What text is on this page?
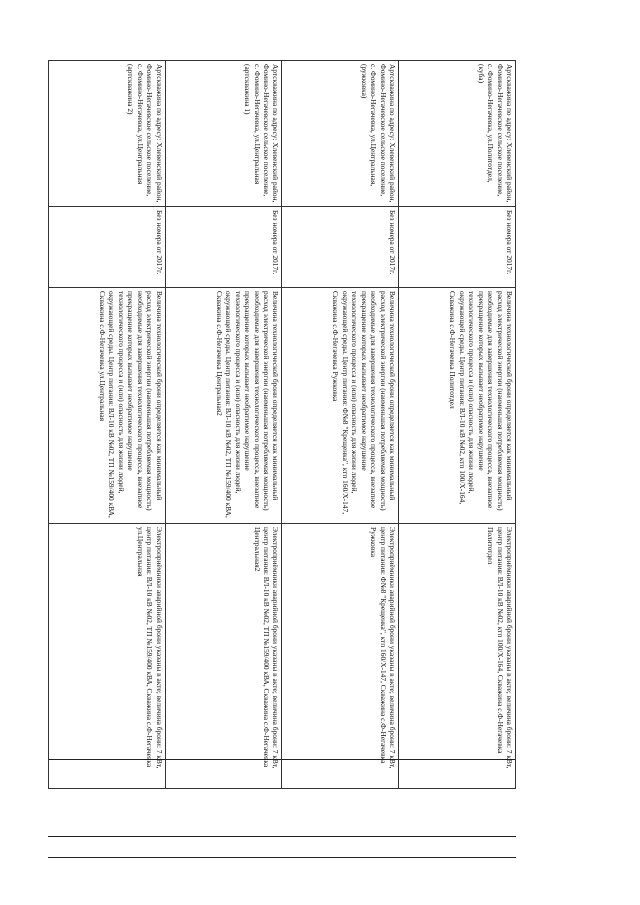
Артскважина по адресу: Хлевенский район, Фомино-Негачевское сельское поселение, с. Фомино-Негачевка, ул.Политотдел, (куба)	Без номера от 2017г.	Величина технологической брони определяется как минимальный расход электрической энергии (наименьшая потребляемая мощность) необходимые для завершения технологического процесса, внезапное прекращение которых вызывает необратимое нарушение технологического процесса и (или) опасность для жизни людей, окружающей среды. Центр питания: ВЛ-10 кВ №02, ктп 100/Х-164, Скважина с.Ф-Негачевка Политотдел	Электроприёмники аварийной брони указаны в акте; величина брони: 7 кВт, центр питания: ВЛ-10 кВ №02, ктп 100/Х-164, Скважина с.Ф-Негачевка Политотдел
Артскважина по адресу: Хлевенский район, Фомино-Негачевское сельское поселение, с. Фомино-Негачевка, ул.Центральная, (ружковка)	Без номера от 2017г.	Величина технологической брони определяется как минимальный расход электрической энергии (наименьшая потребляемая мощность) необходимые для завершения технологического процесса, внезапное прекращение которых вызывает необратимое нарушение технологического процесса и (или) опасность для жизни людей, окружающей среды. Центр питания: Ф№8 "Крещенка", ктп 160/Х-147, Скважина с.Ф-Негачевка Ружковка	Электроприёмники аварийной брони указаны в акте; величина брони: 7 кВт, центр питания: Ф№8 "Крещенка", ктп 160/Х-147, Скважина с.Ф-Негачевка Ружковка
Артскважина по адресу: Хлевенский район, Фомино-Негачевское сельское поселение, с. Фомино-Негачевка, ул.Центральная (артскважина 1)	Без номера от 2017г.	Величина технологической брони определяется как минимальный расход электрической энергии (наименьшая потребляемая мощность) необходимые для завершения технологического процесса, внезапное прекращение которых вызывает необратимое нарушение технологического процесса и (или) опасность для жизни людей, окружающей среды. Центр питания: ВЛ-10 кВ №02, ТП №159/400 кВА, Скважина с.Ф-Негачевка Центральная2	Электроприёмники аварийной брони указаны в акте; величина брони: 7 кВт, центр питания: ВЛ-10 кВ №02, ТП №159/400 кВА, Скважина с.Ф-Негачевка Центральная2
Артскважина по адресу: Хлевенский район, Фомино-Негачевское сельское поселение, с. Фомино-Негачевка, ул.Центральная (артскважина 2)	Без номера от 2017г.	Величина технологической брони определяется как минимальный расход электрической энергии (наименьшая потребляемая мощность) необходимые для завершения технологического процесса, внезапное прекращение которых вызывает необратимое нарушение технологического процесса и (или) опасность для жизни людей, окружающей среды. Центр питания: ВЛ-10 кВ №02, ТП №159/400 кВА, Скважина с.Ф-Негачевка ул.Центральная	Электроприёмники аварийной брони указаны в акте; величина брони: 7 кВт, центр питания: ВЛ-10 кВ №02, ТП №159/400 кВА, Скважина с.Ф-Негачевка ул.Центральная
